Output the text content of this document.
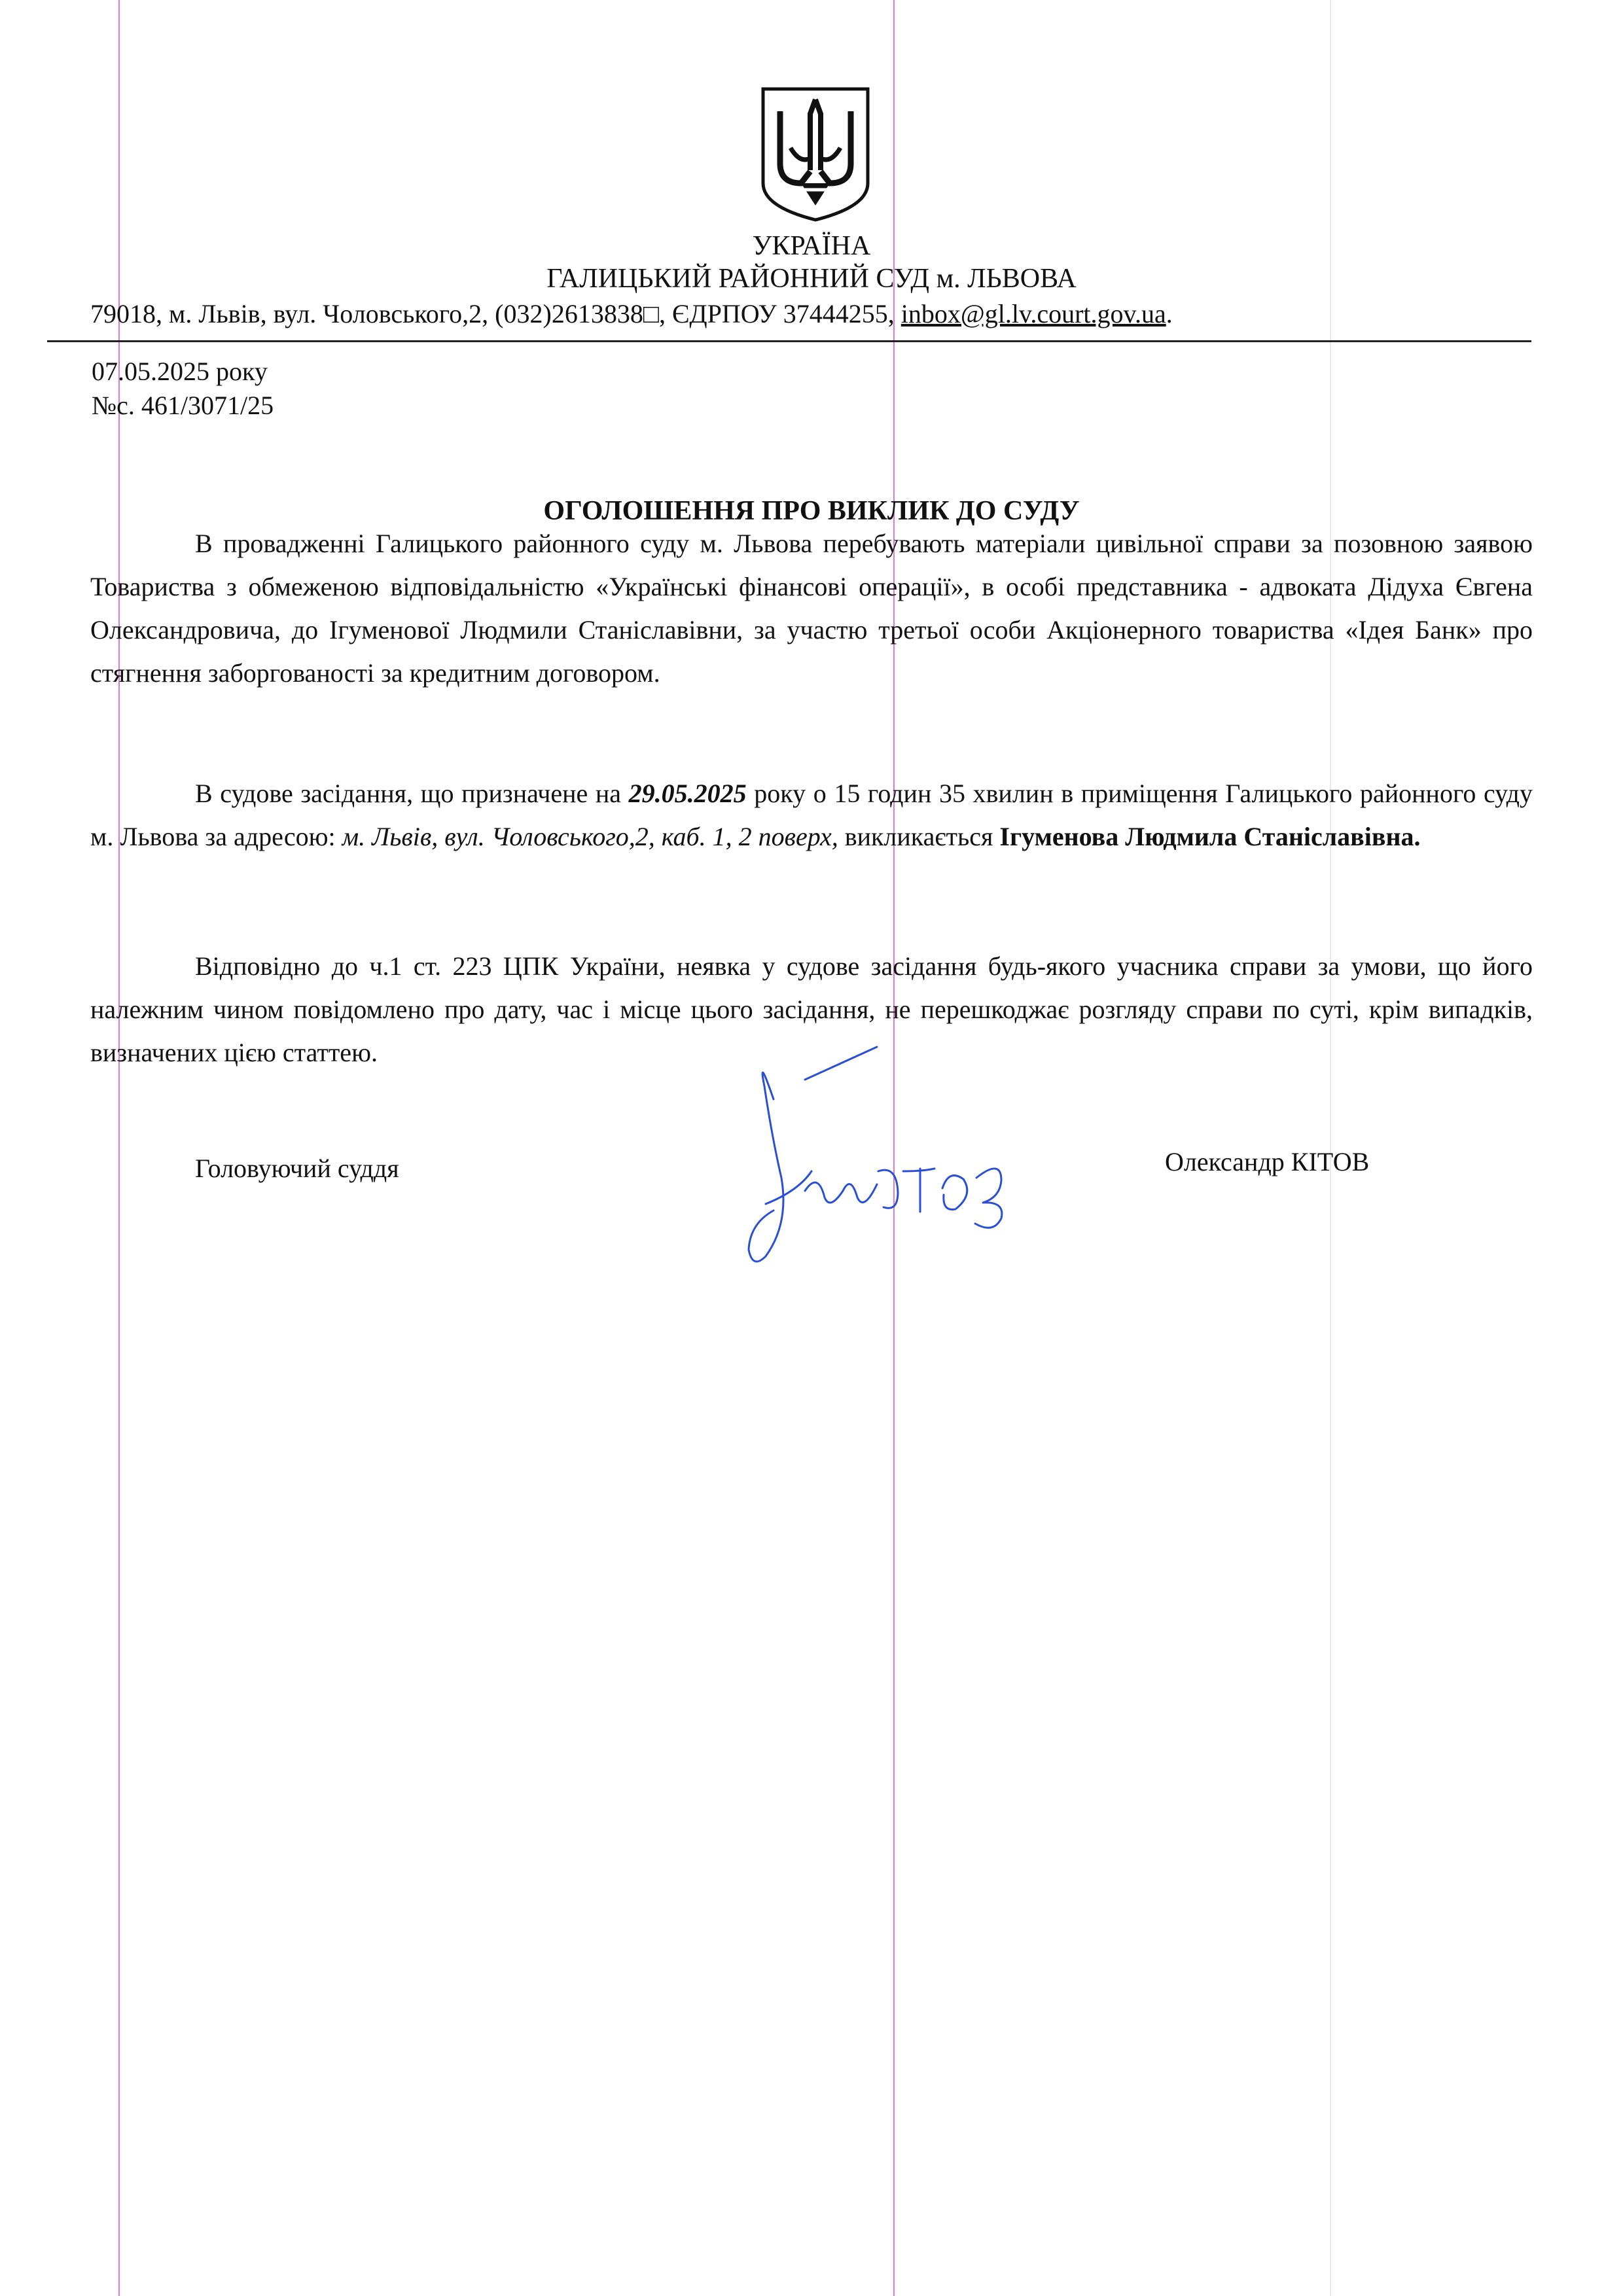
УКРАЇНА
ГАЛИЦЬКИЙ РАЙОННИЙ СУД м. ЛЬВОВА
79018, м. Львів, вул. Чоловського,2, (032)2613838□, ЄДРПОУ 37444255, inbox@gl.lv.court.gov.ua.
07.05.2025 року
№с. 461/3071/25
ОГОЛОШЕННЯ ПРО ВИКЛИК ДО СУДУ

В провадженні Галицького районного суду м. Львова перебувають матеріали цивільної справи за позовною заявою Товариства з обмеженою відповідальністю «Українські фінансові операції», в особі представника - адвоката Дідуха Євгена Олександровича, до Ігуменової Людмили Станіславівни, за участю третьої особи Акціонерного товариства «Ідея Банк» про стягнення заборгованості за кредитним договором.

В судове засідання, що призначене на 29.05.2025 року о 15 годин 35 хвилин в приміщення Галицького районного суду м. Львова за адресою: м. Львів, вул. Чоловського,2, каб. 1, 2 поверх, викликається Ігуменова Людмила Станіславівна.

Відповідно до ч.1 ст. 223 ЦПК України, неявка у судове засідання будь-якого учасника справи за умови, що його належним чином повідомлено про дату, час і місце цього засідання, не перешкоджає розгляду справи по суті, крім випадків, визначених цією статтею.

Головуючий суддя	Олександр КІТОВ
